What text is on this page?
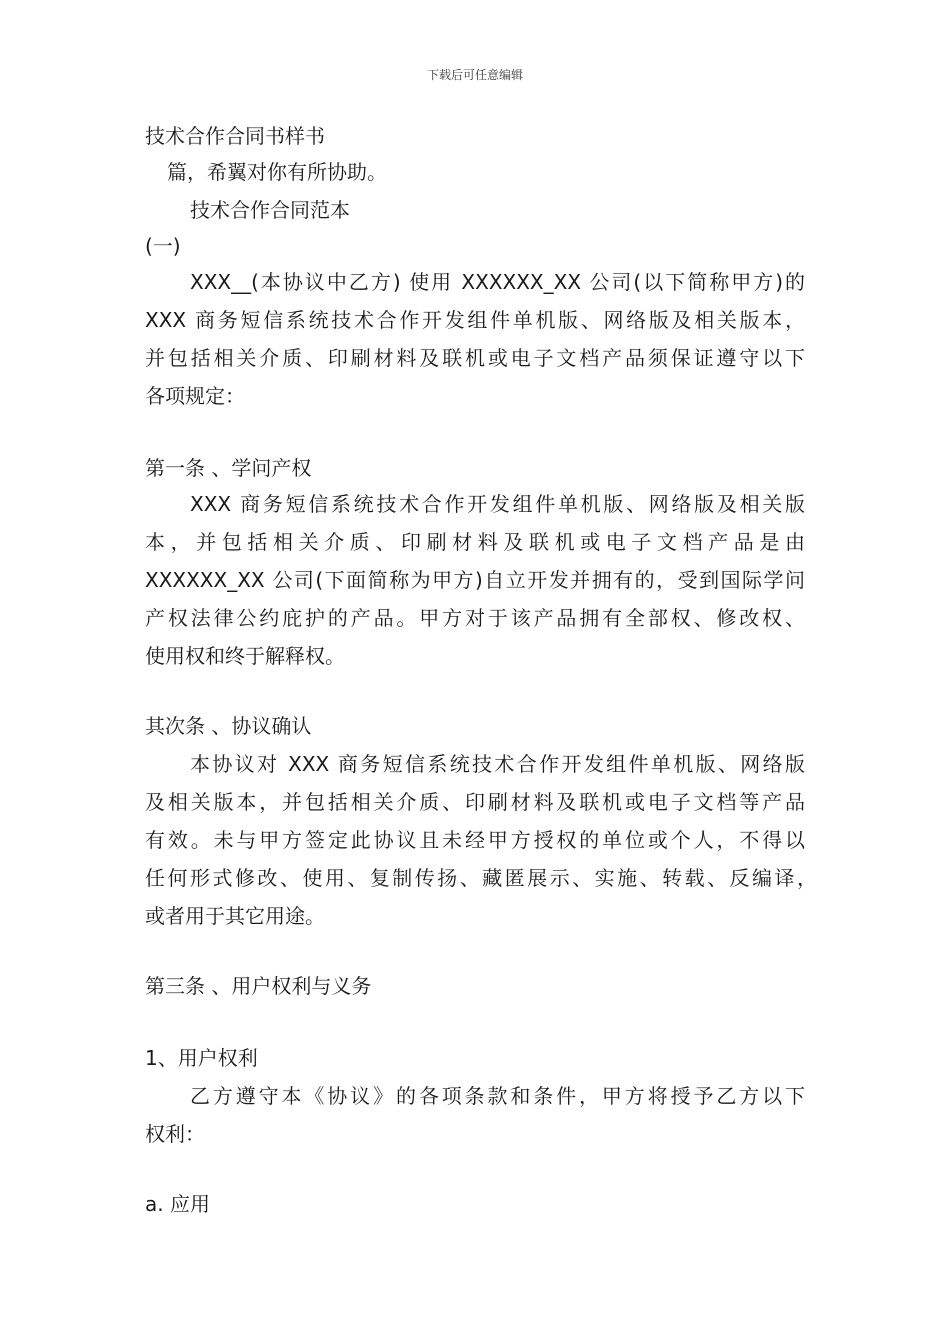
下载后可任意编辑
技术合作合同书样书
篇，希翼对你有所协助。
技术合作合同范本
(一)
XXX__(本协议中乙方) 使用 XXXXXX_XX 公司(以下简称甲方)的
XXX 商务短信系统技术合作开发组件单机版、网络版及相关版本，
并包括相关介质、印刷材料及联机或电子文档产品须保证遵守以下
各项规定：
第一条 、学问产权
XXX 商务短信系统技术合作开发组件单机版、网络版及相关版
本，并包括相关介质、印刷材料及联机或电子文档产品是由
XXXXXX_XX 公司(下面简称为甲方)自立开发并拥有的，受到国际学问
产权法律公约庇护的产品。甲方对于该产品拥有全部权、修改权、
使用权和终于解释权。
其次条 、协议确认
本协议对 XXX 商务短信系统技术合作开发组件单机版、网络版
及相关版本，并包括相关介质、印刷材料及联机或电子文档等产品
有效。未与甲方签定此协议且未经甲方授权的单位或个人，不得以
任何形式修改、使用、复制传扬、藏匿展示、实施、转载、反编译，
或者用于其它用途。
第三条 、用户权利与义务
1、用户权利
乙方遵守本《协议》的各项条款和条件，甲方将授予乙方以下
权利：
a. 应用
